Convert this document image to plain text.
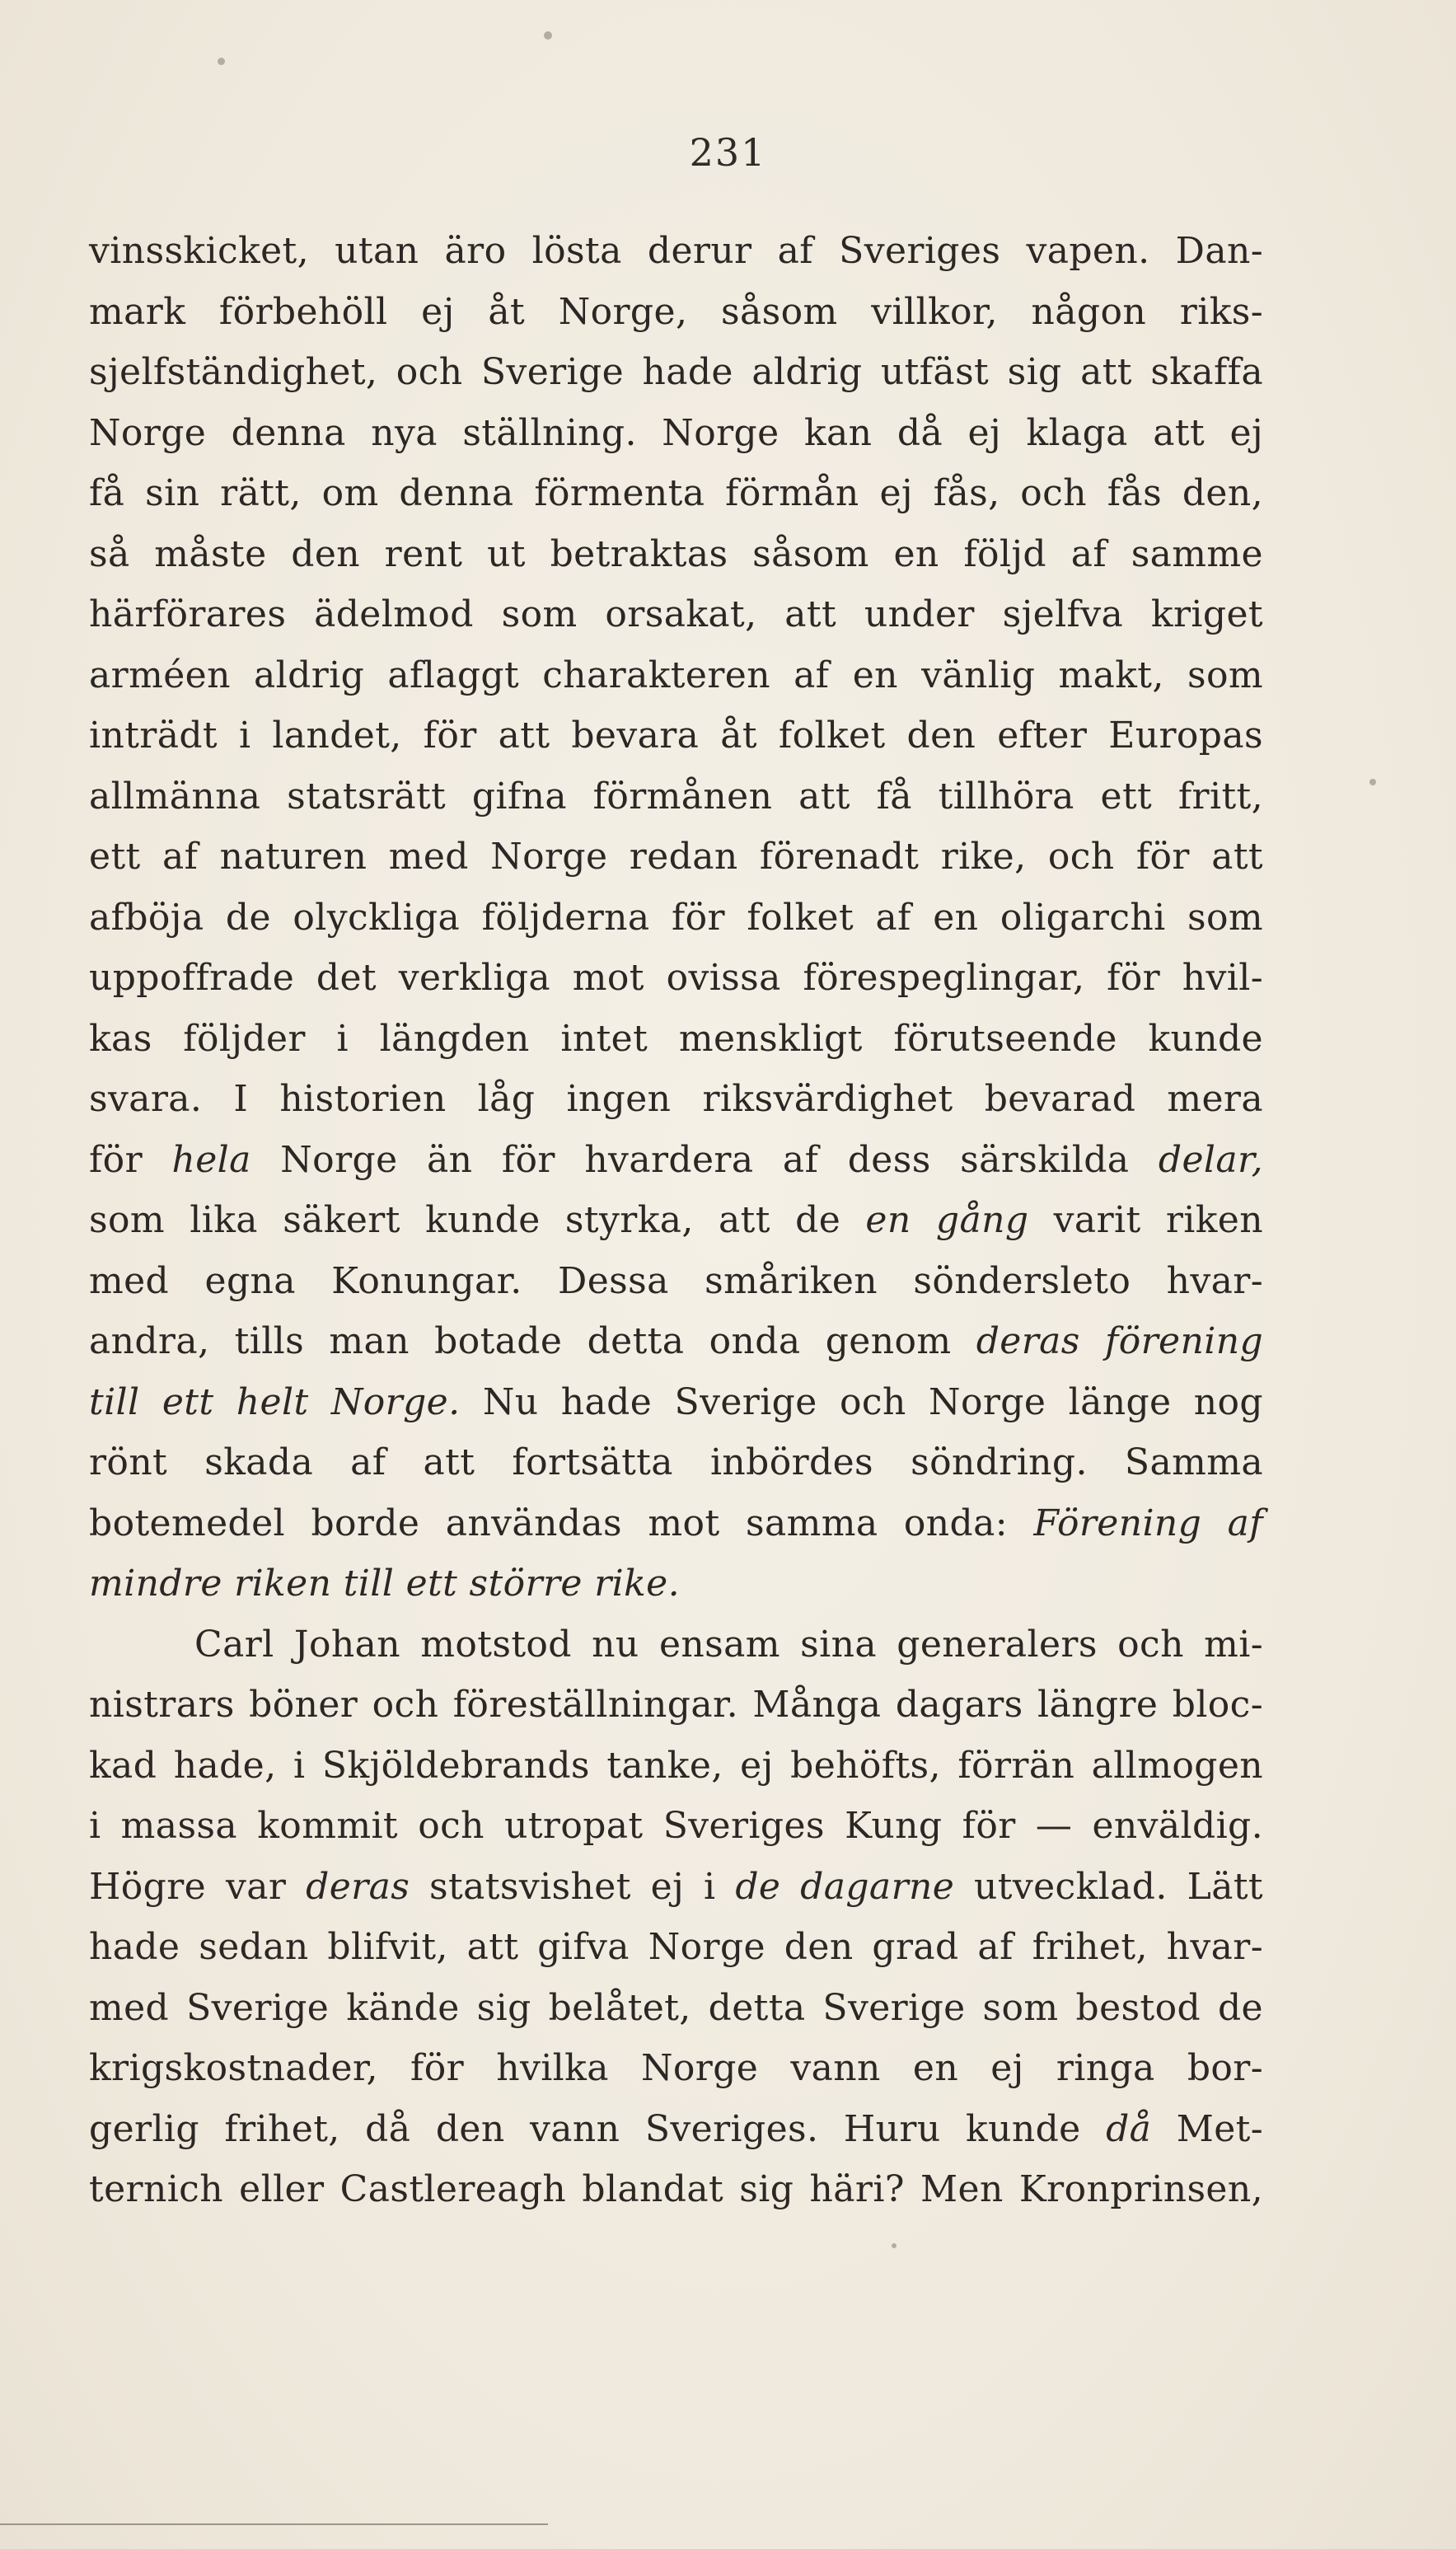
231
vinsskicket, utan äro lösta derur af Sveriges vapen. Dan-
mark förbehöll ej åt Norge, såsom villkor, någon riks-
sjelfständighet, och Sverige hade aldrig utfäst sig att skaffa
Norge denna nya ställning. Norge kan då ej klaga att ej
få sin rätt, om denna förmenta förmån ej fås, och fås den,
så måste den rent ut betraktas såsom en följd af samme
härförares ädelmod som orsakat, att under sjelfva kriget
arméen aldrig aflaggt charakteren af en vänlig makt, som
inträdt i landet, för att bevara åt folket den efter Europas
allmänna statsrätt gifna förmånen att få tillhöra ett fritt,
ett af naturen med Norge redan förenadt rike, och för att
afböja de olyckliga följderna för folket af en oligarchi som
uppoffrade det verkliga mot ovissa förespeglingar, för hvil-
kas följder i längden intet menskligt förutseende kunde
svara. I historien låg ingen riksvärdighet bevarad mera
för hela Norge än för hvardera af dess särskilda delar,
som lika säkert kunde styrka, att de en gång varit riken
med egna Konungar. Dessa småriken söndersleto hvar-
andra, tills man botade detta onda genom deras förening
till ett helt Norge. Nu hade Sverige och Norge länge nog
rönt skada af att fortsätta inbördes söndring. Samma
botemedel borde användas mot samma onda: Förening af
mindre riken till ett större rike.
Carl Johan motstod nu ensam sina generalers och mi-
nistrars böner och föreställningar. Många dagars längre bloc-
kad hade, i Skjöldebrands tanke, ej behöfts, förrän allmogen
i massa kommit och utropat Sveriges Kung för — enväldig.
Högre var deras statsvishet ej i de dagarne utvecklad. Lätt
hade sedan blifvit, att gifva Norge den grad af frihet, hvar-
med Sverige kände sig belåtet, detta Sverige som bestod de
krigskostnader, för hvilka Norge vann en ej ringa bor-
gerlig frihet, då den vann Sveriges. Huru kunde då Met-
ternich eller Castlereagh blandat sig häri? Men Kronprinsen,
